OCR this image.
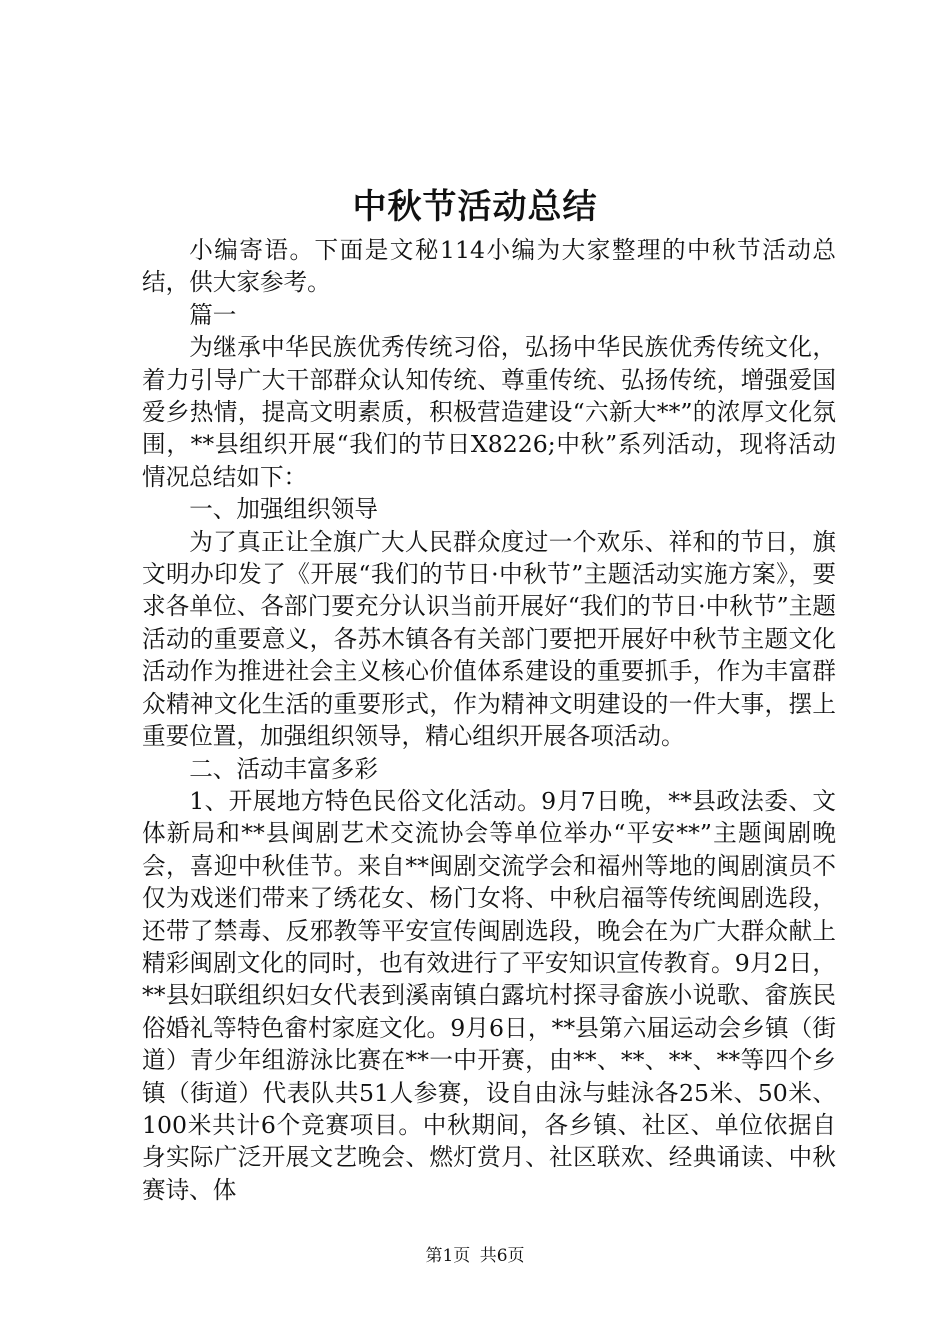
中秋节活动总结

小编寄语。下面是文秘114小编为大家整理的中秋节活动总结，供大家参考。

篇一

为继承中华民族优秀传统习俗，弘扬中华民族优秀传统文化，着力引导广大干部群众认知传统、尊重传统、弘扬传统，增强爱国爱乡热情，提高文明素质，积极营造建设“六新大**”的浓厚文化氛围，**县组织开展“我们的节日X8226;中秋”系列活动，现将活动情况总结如下：

一、加强组织领导

为了真正让全旗广大人民群众度过一个欢乐、祥和的节日，旗文明办印发了《开展“我们的节日·中秋节”主题活动实施方案》，要求各单位、各部门要充分认识当前开展好“我们的节日·中秋节”主题活动的重要意义，各苏木镇各有关部门要把开展好中秋节主题文化活动作为推进社会主义核心价值体系建设的重要抓手，作为丰富群众精神文化生活的重要形式，作为精神文明建设的一件大事，摆上重要位置，加强组织领导，精心组织开展各项活动。

二、活动丰富多彩

1、开展地方特色民俗文化活动。9月7日晚，**县政法委、文体新局和**县闽剧艺术交流协会等单位举办“平安**”主题闽剧晚会，喜迎中秋佳节。来自**闽剧交流学会和福州等地的闽剧演员不仅为戏迷们带来了绣花女、杨门女将、中秋启福等传统闽剧选段，还带了禁毒、反邪教等平安宣传闽剧选段，晚会在为广大群众献上精彩闽剧文化的同时，也有效进行了平安知识宣传教育。9月2日，**县妇联组织妇女代表到溪南镇白露坑村探寻畲族小说歌、畲族民俗婚礼等特色畲村家庭文化。9月6日，**县第六届运动会乡镇（街道）青少年组游泳比赛在**一中开赛，由**、**、**、**等四个乡镇（街道）代表队共51人参赛，设自由泳与蛙泳各25米、50米、100米共计6个竞赛项目。中秋期间，各乡镇、社区、单位依据自身实际广泛开展文艺晚会、燃灯赏月、社区联欢、经典诵读、中秋赛诗、体

第1页 共6页
